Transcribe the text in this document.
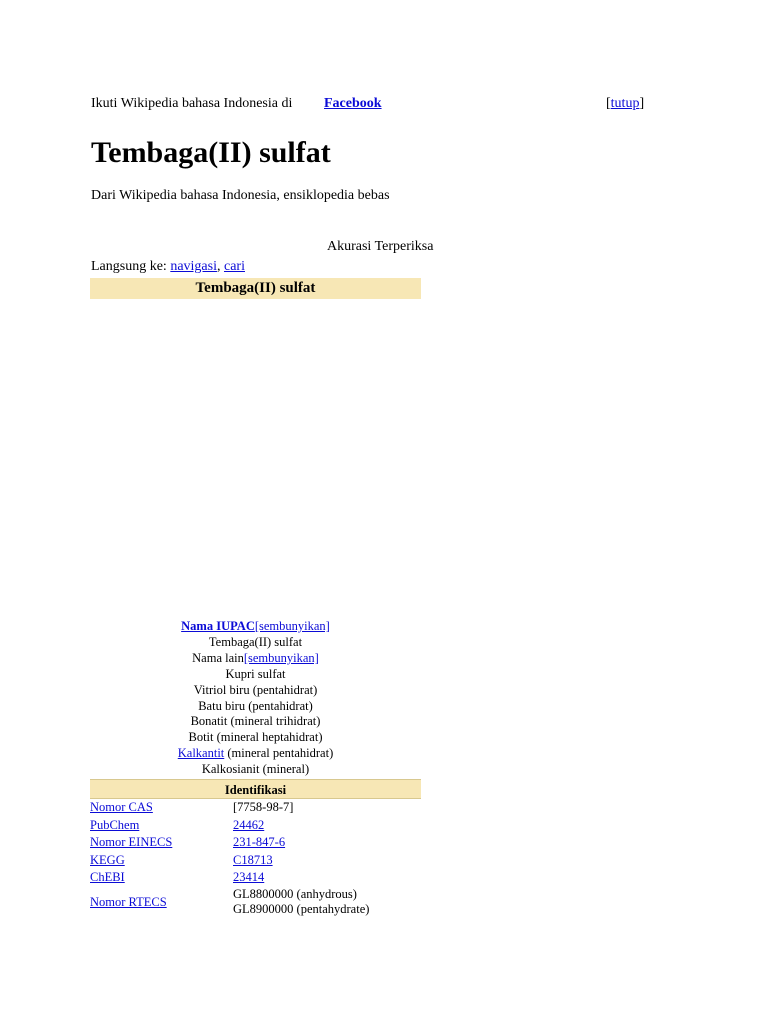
Ikuti Wikipedia bahasa Indonesia di Facebook	[tutup]
Tembaga(II) sulfat
Dari Wikipedia bahasa Indonesia, ensiklopedia bebas
Akurasi Terperiksa
Langsung ke: navigasi, cari
Tembaga(II) sulfat
Nama IUPAC[sembunyikan]
Tembaga(II) sulfat
Nama lain[sembunyikan]
Kupri sulfat
Vitriol biru (pentahidrat)
Batu biru (pentahidrat)
Bonatit (mineral trihidrat)
Botit (mineral heptahidrat)
Kalkantit (mineral pentahidrat)
Kalkosianit (mineral)
Identifikasi
Nomor CAS	[7758-98-7]
PubChem	24462
Nomor EINECS	231-847-6
KEGG	C18713
ChEBI	23414
Nomor RTECS	GL8800000 (anhydrous)
GL8900000 (pentahydrate)
